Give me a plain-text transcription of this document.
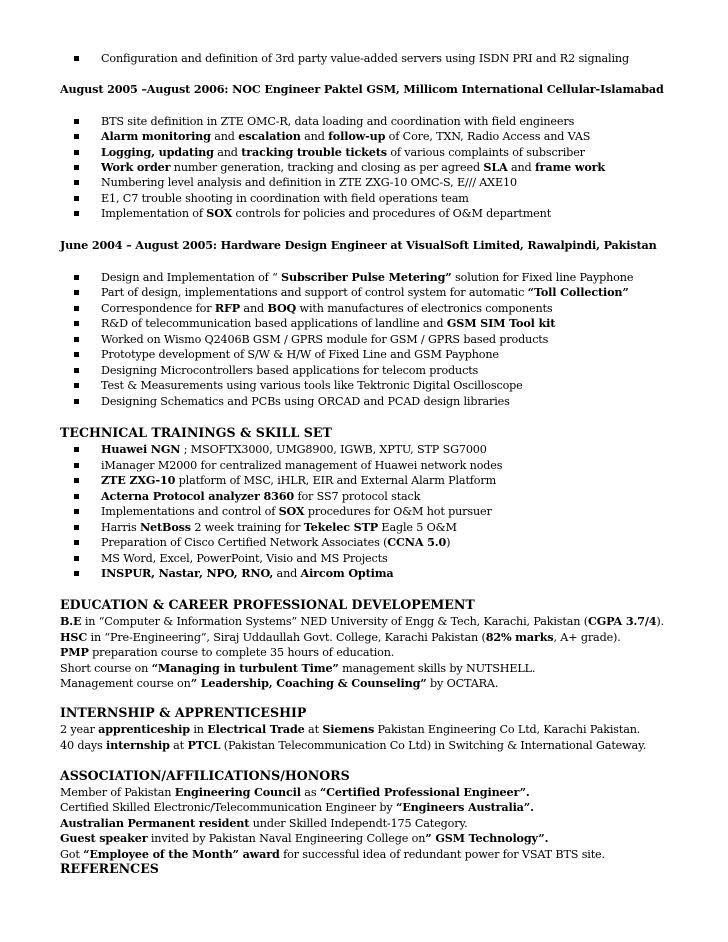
Configuration and definition of 3rd party value-added servers using ISDN PRI and R2 signaling
August 2005 –August 2006: NOC Engineer Paktel GSM, Millicom International Cellular-Islamabad
BTS site definition in ZTE OMC-R, data loading and coordination with field engineers
Alarm monitoring and escalation and follow-up of Core, TXN, Radio Access and VAS
Logging, updating and tracking trouble tickets of various complaints of subscriber
Work order number generation, tracking and closing as per agreed SLA and frame work
Numbering level analysis and definition in ZTE ZXG-10 OMC-S, E/// AXE10
E1, C7 trouble shooting in coordination with field operations team
Implementation of SOX controls for policies and procedures of O&M department
June 2004 – August 2005: Hardware Design Engineer at VisualSoft Limited, Rawalpindi, Pakistan
Design and Implementation of “ Subscriber Pulse Metering” solution for Fixed line Payphone
Part of design, implementations and support of control system for automatic “Toll Collection”
Correspondence for RFP and BOQ with manufactures of electronics components
R&D of telecommunication based applications of landline and GSM SIM Tool kit
Worked on Wismo Q2406B GSM / GPRS module for GSM / GPRS based products
Prototype development of S/W & H/W of Fixed Line and GSM Payphone
Designing Microcontrollers based applications for telecom products
Test & Measurements using various tools like Tektronic Digital Oscilloscope
Designing Schematics and PCBs using ORCAD and PCAD design libraries
TECHNICAL TRAININGS & SKILL SET
Huawei NGN ; MSOFTX3000, UMG8900, IGWB, XPTU, STP SG7000
iManager M2000 for centralized management of Huawei network nodes
ZTE ZXG-10 platform of MSC, iHLR, EIR and External Alarm Platform
Acterna Protocol analyzer 8360 for SS7 protocol stack
Implementations and control of SOX procedures for O&M hot pursuer
Harris NetBoss 2 week training for Tekelec STP Eagle 5 O&M
Preparation of Cisco Certified Network Associates (CCNA 5.0)
MS Word, Excel, PowerPoint, Visio and MS Projects
INSPUR, Nastar, NPO, RNO, and Aircom Optima
EDUCATION & CAREER PROFESSIONAL DEVELOPEMENT
B.E in “Computer & Information Systems” NED University of Engg & Tech, Karachi, Pakistan (CGPA 3.7/4).
HSC in “Pre-Engineering”, Siraj Uddaullah Govt. College, Karachi Pakistan (82% marks, A+ grade).
PMP preparation course to complete 35 hours of education.
Short course on “Managing in turbulent Time” management skills by NUTSHELL.
Management course on” Leadership, Coaching & Counseling” by OCTARA.
INTERNSHIP & APPRENTICESHIP
2 year apprenticeship in Electrical Trade at Siemens Pakistan Engineering Co Ltd, Karachi Pakistan.
40 days internship at PTCL (Pakistan Telecommunication Co Ltd) in Switching & International Gateway.
ASSOCIATION/AFFILICATIONS/HONORS
Member of Pakistan Engineering Council as “Certified Professional Engineer”.
Certified Skilled Electronic/Telecommunication Engineer by “Engineers Australia”.
Australian Permanent resident under Skilled Independt-175 Category.
Guest speaker invited by Pakistan Naval Engineering College on” GSM Technology”.
Got “Employee of the Month” award for successful idea of redundant power for VSAT BTS site.
REFERENCES
